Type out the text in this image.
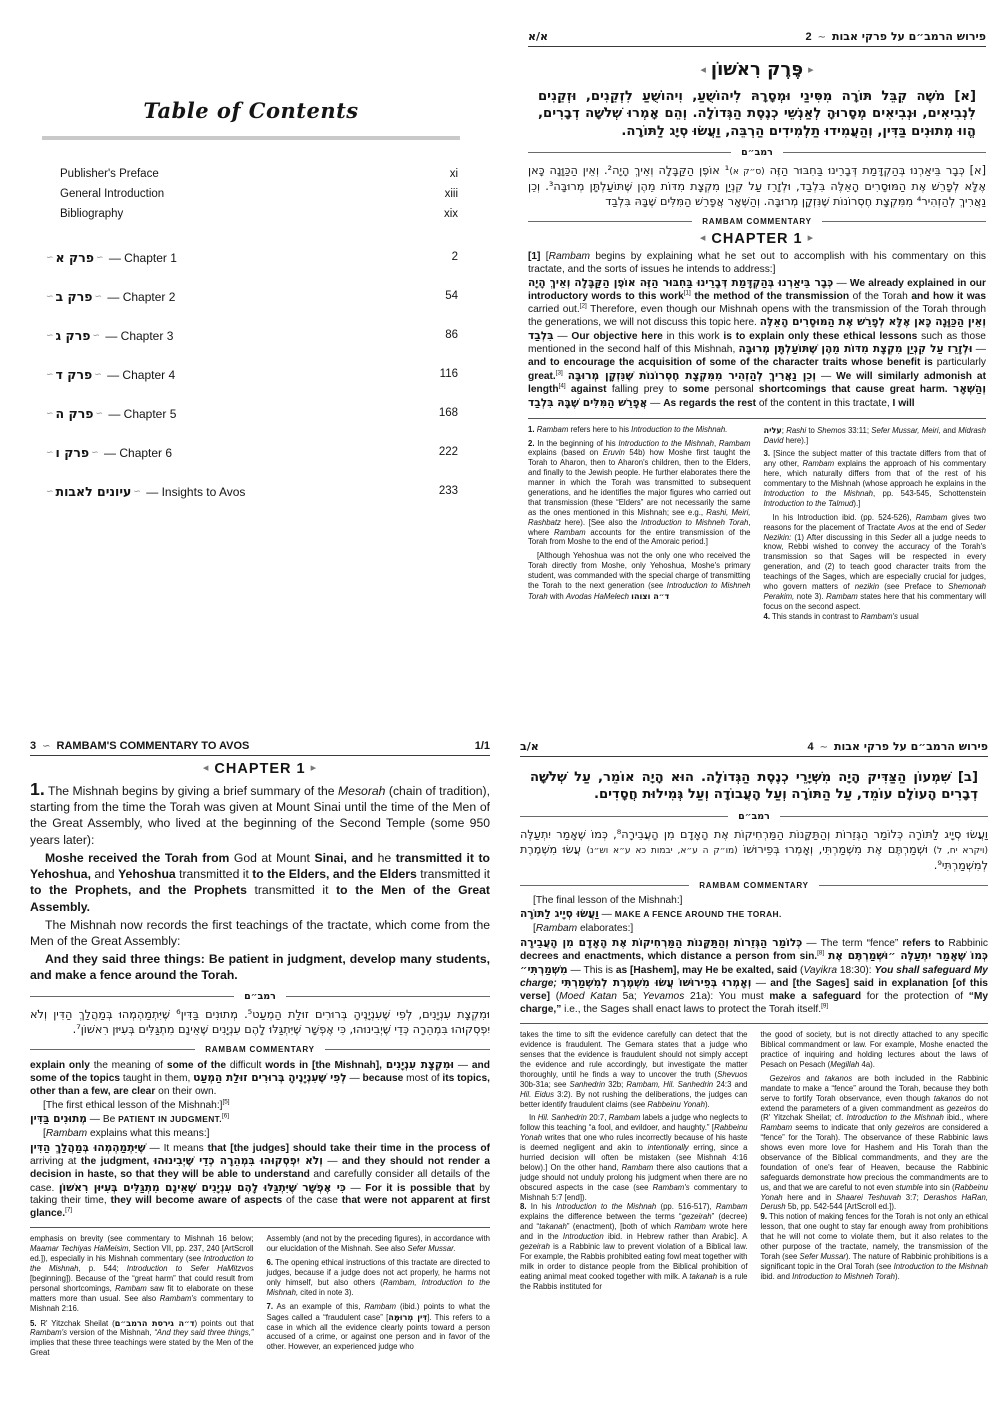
Table of Contents
Publisher's Preface	xi
General Introduction	xiii
Bibliography	xix
∽ פרק א ∽ — Chapter 1	2
∽ פרק ב ∽ — Chapter 2	54
∽ פרק ג ∽ — Chapter 3	86
∽ פרק ד ∽ — Chapter 4	116
∽ פרק ה ∽ — Chapter 5	168
∽ פרק ו ∽ — Chapter 6	222
∽ עיונים לאבות ∽ — Insights to Avos	233
א/א	פירוש הרמב״ם על פרקי אבות∽2
▸פֶּרֶק רִאשׁוֹן◂
[א] מֹשֶׁה קִבֵּל תּוֹרָה מִסִּינַי וּמְסָרָהּ לִיהוֹשֻׁעַ, וִיהוֹשֻׁעַ לִזְקֵנִים, וּזְקֵנִים לִנְבִיאִים, וּנְבִיאִים מְסָרוּהָ לְאַנְשֵׁי כְנֶסֶת הַגְּדוֹלָה. וְהֵם אָמְרוּ שְׁלֹשָׁה דְבָרִים, הֱווּ מְתוּנִים בַּדִּין, וְהַעֲמִידוּ תַלְמִידִים הַרְבֵּה, וַעֲשׂוּ סְיָג לַתּוֹרָה.
רמב״ם
[א] כְּבָר בֵּיאַרְנוּ בְּהַקְדָּמַת דְּבָרֵינוּ בַּחִבּוּר הַזֶּה (ס״ק א)¹ אוֹפֶן הַקַּבָּלָה וְאֵיךְ הָיָה². וְאֵין הַכַּוָּנָה כָּאן אֶלָּא לְפָרֵשׁ אֶת הַמּוּסָרִים הָאֵלֶּה בִּלְבַד, וּלְזָרֵז עַל קִנְיַן מִקְצָת מִדּוֹת מֵהֶן שֶׁתּוֹעַלְתָּן מְרוּבָּה³. וְכֵן נַאֲרִיךְ לְהַזְהִיר⁴ מִמִּקְצָת חֶסְרוֹנוֹת שֶׁנִּזְקָן מְרוּבָּה. וְהַשְּׁאָר אֲפָרֵשׁ הַמִּלִּים שֶׁבָּהּ בִּלְבַד
RAMBAM COMMENTARY
◂ CHAPTER 1 ▸

[1] [Rambam begins by explaining what he set out to accomplish with his commentary on this tractate, and the sorts of issues he intends to address:]

כְּבָר בֵּיאַרְנוּ בְּהַקְדָּמַת דְּבָרֵינוּ בַּחִבּוּר הַזֶּה אוֹפֶן הַקַּבָּלָה וְאֵיךְ הָיָה — We already explained in our introductory words to this work[1] the method of the transmission of the Torah and how it was carried out.[2] Therefore, even though our Mishnah opens with the transmission of the Torah through the generations, we will not discuss this topic here. וְאֵין הַכַּוָּנָה כָּאן אֶלָּא לְפָרֵשׁ אֶת הַמּוּסָרִים הָאֵלֶּה בִּלְבַד — Our objective here in this work is to explain only these ethical lessons such as those mentioned in the second half of this Mishnah, וּלְזָרֵז עַל קִנְיַן מִקְצָת מִדּוֹת מֵהֶן שֶׁתּוֹעַלְתָּן מְרוּבָּה — and to encourage the acquisition of some of the character traits whose benefit is particularly great.[3] וְכֵן נַאֲרִיךְ לְהַזְהִיר מִמִּקְצָת חֶסְרוֹנוֹת שֶׁנִּזְקָן מְרוּבָּה — We will similarly admonish at length[4] against falling prey to some personal shortcomings that cause great harm. וְהַשְּׁאָר אֲפָרֵשׁ הַמִּלִּים שֶׁבָּהּ בִּלְבַד — As regards the rest of the content in this tractate, I will

1. Rambam refers here to his Introduction to the Mishnah.

2. In the beginning of his Introduction to the Mishnah, Rambam explains (based on Eruvin 54b) how Moshe first taught the Torah to Aharon, then to Aharon's children, then to the Elders, and finally to the Jewish people. He further elaborates there the manner in which the Torah was transmitted to subsequent generations, and he identifies the major figures who carried out that transmission (these “Elders” are not necessarily the same as the ones mentioned in this Mishnah; see e.g., Rashi, Meiri, Rashbatz here). [See also the Introduction to Mishneh Torah, where Rambam accounts for the entire transmission of the Torah from Moshe to the end of the Amoraic period.]

[Although Yehoshua was not the only one who received the Torah directly from Moshe, only Yehoshua, Moshe's primary student, was commanded with the special charge of transmitting the Torah to the next generation (see Introduction to Mishneh Torah with Avodas HaMelech ד״ה וצוהו

עליה; Rashi to Shemos 33:11; Sefer Mussar, Meiri, and Midrash David here).]

3. [Since the subject matter of this tractate differs from that of any other, Rambam explains the approach of his commentary here, which naturally differs from that of the rest of his commentary to the Mishnah (whose approach he explains in the Introduction to the Mishnah, pp. 543-545, Schottenstein Introduction to the Talmud).]

In his Introduction ibid. (pp. 524-526), Rambam gives two reasons for the placement of Tractate Avos at the end of Seder Nezikin: (1) After discussing in this Seder all a judge needs to know, Rebbi wished to convey the accuracy of the Torah's transmission so that Sages will be respected in every generation, and (2) to teach good character traits from the teachings of the Sages, which are especially crucial for judges, who govern matters of nezikin (see Preface to Shemonah Perakim, note 3). Rambam states here that his commentary will focus on the second aspect.

4. This stands in contrast to Rambam's usual

3 ∽ RAMBAM'S COMMENTARY TO AVOS	1/1
◂ CHAPTER 1 ▸

1. The Mishnah begins by giving a brief summary of the Mesorah (chain of tradition), starting from the time the Torah was given at Mount Sinai until the time of the Men of the Great Assembly, who lived at the beginning of the Second Temple (some 950 years later):

Moshe received the Torah from God at Mount Sinai, and he transmitted it to Yehoshua, and Yehoshua transmitted it to the Elders, and the Elders transmitted it to the Prophets, and the Prophets transmitted it to the Men of the Great Assembly.

The Mishnah now records the first teachings of the tractate, which come from the Men of the Great Assembly:

And they said three things: Be patient in judgment, develop many students, and make a fence around the Torah.

רמב״ם
וּמִקְצָת עִנְיָנִים, לְפִי שֶׁעִנְיָנֶיהָ בְּרוּרִים זוּלַת הַמְעַט⁵. מְתוּנִים בַּדִּין⁶ שֶׁיִּתְמַהְמְהוּ בְּמַהֲלַךְ הַדִּין וְלֹא יִפְסְקוּהוּ בִּמְהֵרָה כְּדֵי שֶׁיְבִינוּהוּ, כִּי אֶפְשָׁר שֶׁיִּתְגַּלּוּ לָהֶם עִנְיָנִים שֶׁאֵינָם מִתְגַּלִּים בְּעִיּוּן רִאשׁוֹן⁷.
RAMBAM COMMENTARY

explain only the meaning of some of the difficult words in [the Mishnah], וּמִקְצָת עִנְיָנִים — and some of the topics taught in them, לְפִי שֶׁעִנְיָנֶיהָ בְּרוּרִים זוּלַת הַמְעַט — because most of its topics, other than a few, are clear on their own.

[The first ethical lesson of the Mishnah:][5]

מְתוּנִים בַּדִּין — Be PATIENT IN JUDGMENT.[6]

[Rambam explains what this means:]

שֶׁיִּתְמַהְמְהוּ בְּמַהֲלַךְ הַדִּין — It means that [the judges] should take their time in the process of arriving at the judgment, וְלֹא יִפְסְקוּהוּ בִּמְהֵרָה כְּדֵי שֶׁיְבִינוּהוּ — and they should not render a decision in haste, so that they will be able to understand and carefully consider all details of the case. כִּי אֶפְשָׁר שֶׁיִּתְגַּלּוּ לָהֶם עִנְיָנִים שֶׁאֵינָם מִתְגַּלִּים בְּעִיּוּן רִאשׁוֹן — For it is possible that by taking their time, they will become aware of aspects of the case that were not apparent at first glance.[7]

emphasis on brevity (see commentary to Mishnah 16 below; Maamar Techiyas HaMeisim, Section VII, pp. 237, 240 [ArtScroll ed.]), especially in his Mishnah commentary (see Introduction to the Mishnah, p. 544; Introduction to Sefer HaMitzvos [beginning]). Because of the “great harm” that could result from personal shortcomings, Rambam saw fit to elaborate on these matters more than usual. See also Rambam's commentary to Mishnah 2:16.

5. R' Yitzchak Sheilat (ד״ה גירסת הרמב״ם) points out that Rambam's version of the Mishnah, “And they said three things,” implies that these three teachings were stated by the Men of the Great

Assembly (and not by the preceding figures), in accordance with our elucidation of the Mishnah. See also Sefer Mussar.

6. The opening ethical instructions of this tractate are directed to judges, because if a judge does not act properly, he harms not only himself, but also others (Rambam, Introduction to the Mishnah, cited in note 3).

7. As an example of this, Rambam (ibid.) points to what the Sages called a “fraudulent case” [דִּין מְרוּמֶּה]. This refers to a case in which all the evidence clearly points toward a person accused of a crime, or against one person and in favor of the other. However, an experienced judge who

א/ב	פירוש הרמב״ם על פרקי אבות∽4
[ב] שִׁמְעוֹן הַצַּדִּיק הָיָה מִשְּׁיָרֵי כְנֶסֶת הַגְּדוֹלָה. הוּא הָיָה אוֹמֵר, עַל שְׁלֹשָׁה דְבָרִים הָעוֹלָם עוֹמֵד, עַל הַתּוֹרָה וְעַל הָעֲבוֹדָה וְעַל גְּמִילוּת חֲסָדִים.
רמב״ם
וַעֲשׂוּ סְיָיג לַתּוֹרָה כְּלוֹמַר הַגְּזֵרוֹת וְהַתַּקָּנוֹת הַמַּרְחִיקוֹת אֶת הָאָדָם מִן הָעֲבֵירָה⁸, כְּמוֹ שֶׁאָמַר יִתְעַלֶּה (ויקרא יח, ל) וּשְׁמַרְתֶּם אֶת מִשְׁמַרְתִּי, וְאָמְרוּ בְּפֵירוּשׁוֹ (מו״ק ה ע״א, יבמות כא ע״א וש״נ) עֲשׂוּ מִשְׁמֶרֶת לְמִשְׁמַרְתִּי⁹.
RAMBAM COMMENTARY

[The final lesson of the Mishnah:]

וַעֲשׂוּ סְיָיג לַתּוֹרָה — MAKE A FENCE AROUND THE TORAH.

[Rambam elaborates:]

כְּלוֹמַר הַגְּזֵרוֹת וְהַתַּקָּנוֹת הַמַּרְחִיקוֹת אֶת הָאָדָם מִן הָעֲבֵירָה — The term “fence” refers to Rabbinic decrees and enactments, which distance a person from sin.[8] כְּמוֹ שֶׁאָמַר יִתְעַלֶּה ״וּשְׁמַרְתֶּם אֶת מִשְׁמַרְתִּי״ — This is as [Hashem], may He be exalted, said (Vayikra 18:30): You shall safeguard My charge; וְאָמְרוּ בְּפֵירוּשׁוֹ עֲשׂוּ מִשְׁמֶרֶת לְמִשְׁמַרְתִּי — and [the Sages] said in explanation [of this verse] (Moed Katan 5a; Yevamos 21a): You must make a safeguard for the protection of “My charge,” i.e., the Sages shall enact laws to protect the Torah itself.[9]

takes the time to sift the evidence carefully can detect that the evidence is fraudulent. The Gemara states that a judge who senses that the evidence is fraudulent should not simply accept the evidence and rule accordingly, but investigate the matter thoroughly, until he finds a way to uncover the truth (Shevuos 30b-31a; see Sanhedrin 32b; Rambam, Hil. Sanhedrin 24:3 and Hil. Eidus 3:2). By not rushing the deliberations, the judges can better identify fraudulent claims (see Rabbeinu Yonah).

In Hil. Sanhedrin 20:7, Rambam labels a judge who neglects to follow this teaching “a fool, and evildoer, and haughty.” [Rabbeinu Yonah writes that one who rules incorrectly because of his haste is deemed negligent and akin to intentionally erring, since a hurried decision will often be mistaken (see Mishnah 4:16 below).] On the other hand, Rambam there also cautions that a judge should not unduly prolong his judgment when there are no obscured aspects in the case (see Rambam's commentary to Mishnah 5:7 [end]).

8. In his Introduction to the Mishnah (pp. 516-517), Rambam explains the difference between the terms “gezeirah” (decree) and “takanah” (enactment), [both of which Rambam wrote here and in the Introduction ibid. in Hebrew rather than Arabic]. A gezeirah is a Rabbinic law to prevent violation of a Biblical law. For example, the Rabbis prohibited eating fowl meat together with milk in order to distance people from the Biblical prohibition of eating animal meat cooked together with milk. A takanah is a rule the Rabbis instituted for

the good of society, but is not directly attached to any specific Biblical commandment or law. For example, Moshe enacted the practice of inquiring and holding lectures about the laws of Pesach on Pesach (Megillah 4a).

Gezeiros and takanos are both included in the Rabbinic mandate to make a “fence” around the Torah, because they both serve to fortify Torah observance, even though takanos do not extend the parameters of a given commandment as gezeiros do (R' Yitzchak Sheilat; cf. Introduction to the Mishnah ibid., where Rambam seems to indicate that only gezeiros are considered a “fence” for the Torah). The observance of these Rabbinic laws shows even more love for Hashem and His Torah than the observance of the Biblical commandments, and they are the foundation of one's fear of Heaven, because the Rabbinic safeguards demonstrate how precious the commandments are to us, and that we are careful to not even stumble into sin (Rabbeinu Yonah here and in Shaarei Teshuvah 3:7; Derashos HaRan, Derush 5b, pp. 542-544 [ArtScroll ed.]).

9. This notion of making fences for the Torah is not only an ethical lesson, that one ought to stay far enough away from prohibitions that he will not come to violate them, but it also relates to the other purpose of the tractate, namely, the transmission of the Torah (see Sefer Mussar). The nature of Rabbinic prohibitions is a significant topic in the Oral Torah (see Introduction to the Mishnah ibid. and Introduction to Mishneh Torah).
